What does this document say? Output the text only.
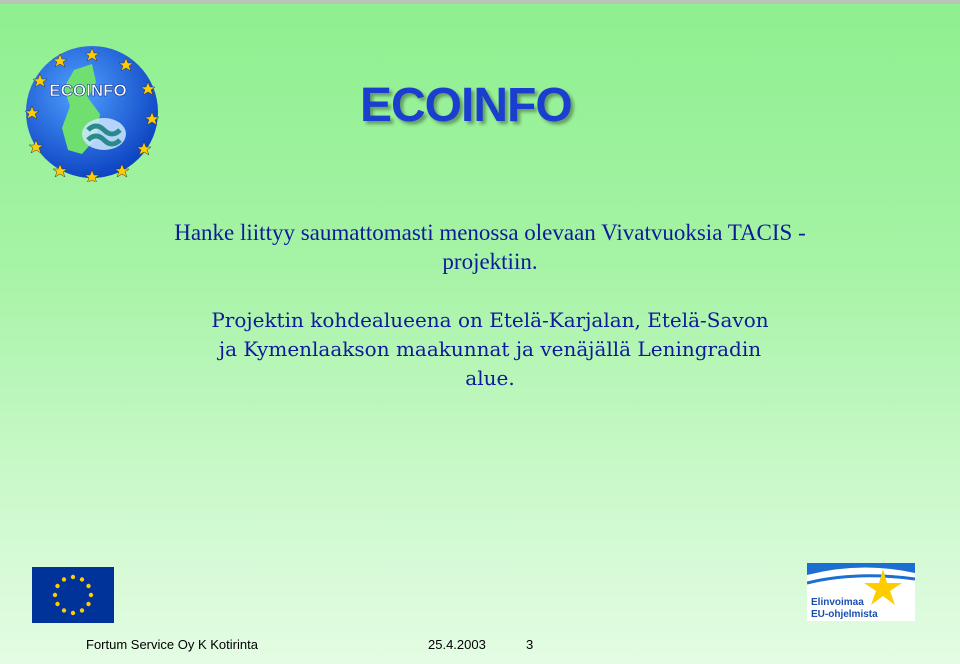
ECOINFO	ECOINFO
Hanke liittyy saumattomasti menossa olevaan Vivatvuoksia TACIS -projektiin.
Projektin kohdealueena on Etelä-Karjalan, Etelä-Savon ja Kymenlaakson maakunnat ja venäjällä Leningradin alue.
Elinvoimaa
EU-ohjelmista
Fortum Service Oy K Kotirinta	25.4.2003	3
